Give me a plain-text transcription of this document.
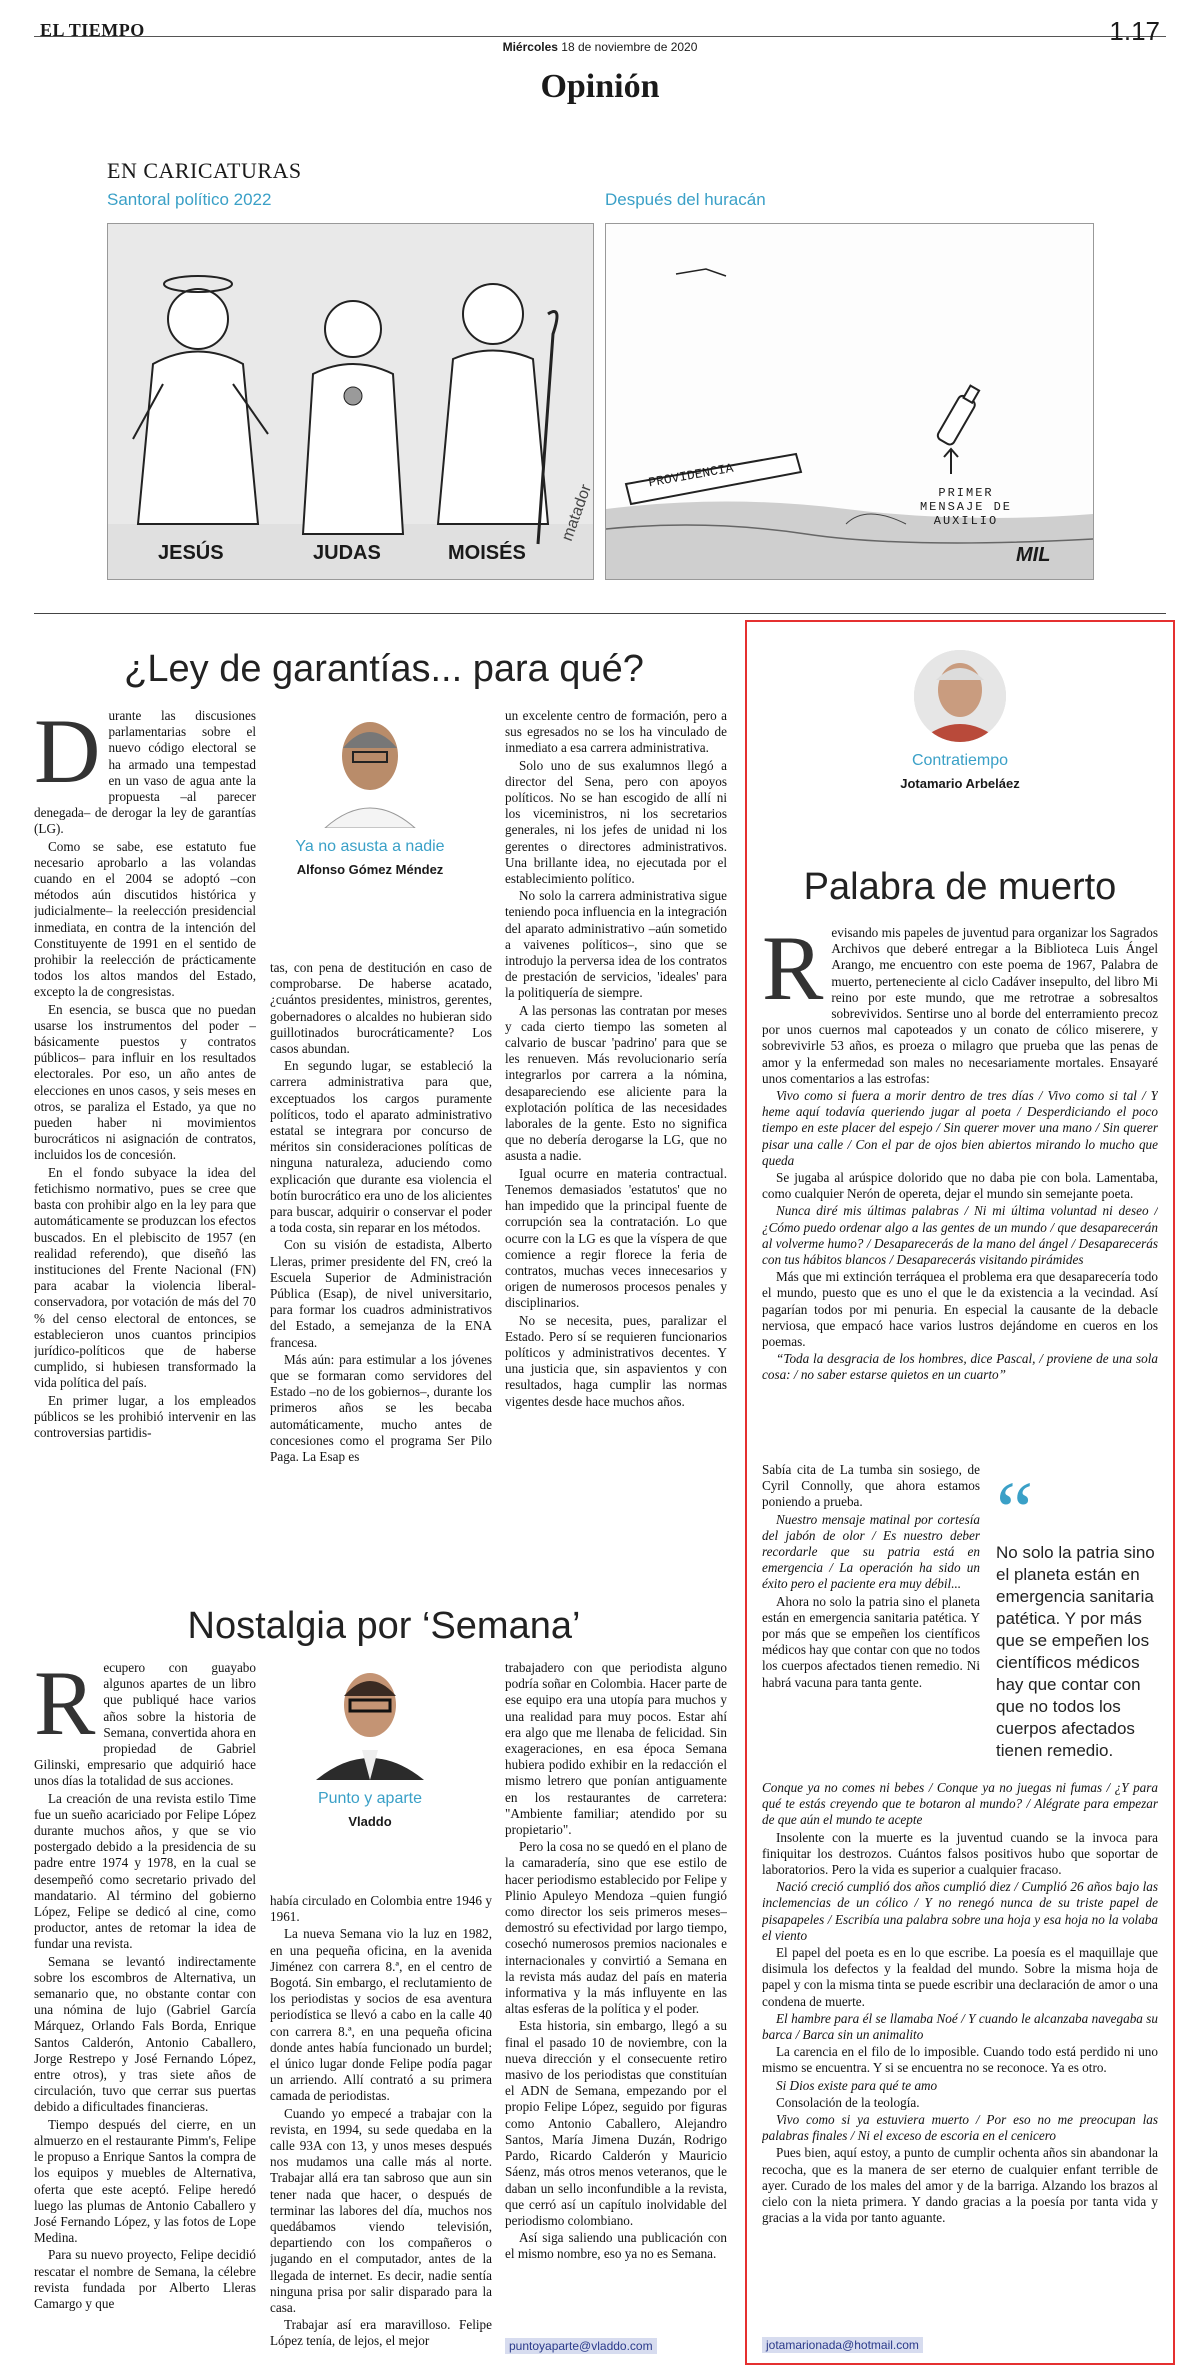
EL TIEMPO
Miércoles 18 de noviembre de 2020
1.17
Opinión
EN CARICATURAS
Santoral político 2022	Después del huracán
JESÚS	JUDAS	MOISÉS
matador
PROVIDENCIA
PRIMER MENSAJE DE AUXILIO
MIL
¿Ley de garantías... para qué?

Durante las discusiones parlamentarias sobre el nuevo código electoral se ha armado una tempestad en un vaso de agua ante la propuesta –al parecer denegada– de derogar la ley de garantías (LG).

Como se sabe, ese estatuto fue necesario aprobarlo a las volandas cuando en el 2004 se adoptó –con métodos aún discutidos histórica y judicialmente– la reelección presidencial inmediata, en contra de la intención del Constituyente de 1991 en el sentido de prohibir la reelección de prácticamente todos los altos mandos del Estado, excepto la de congresistas.

En esencia, se busca que no puedan usarse los instrumentos del poder –básicamente puestos y contratos públicos– para influir en los resultados electorales. Por eso, un año antes de elecciones en unos casos, y seis meses en otros, se paraliza el Estado, ya que no pueden haber ni movimientos burocráticos ni asignación de contratos, incluidos los de concesión.

En el fondo subyace la idea del fetichismo normativo, pues se cree que basta con prohibir algo en la ley para que automáticamente se produzcan los efectos buscados. En el plebiscito de 1957 (en realidad referendo), que diseñó las instituciones del Frente Nacional (FN) para acabar la violencia liberal-conservadora, por votación de más del 70 % del censo electoral de entonces, se establecieron unos cuantos principios jurídico-políticos que de haberse cumplido, si hubiesen transformado la vida política del país.

En primer lugar, a los empleados públicos se les prohibió intervenir en las controversias partidis-

Ya no asusta a nadie
Alfonso Gómez Méndez

tas, con pena de destitución en caso de comprobarse. De haberse acatado, ¿cuántos presidentes, ministros, gerentes, gobernadores o alcaldes no hubieran sido guillotinados burocráticamente? Los casos abundan.

En segundo lugar, se estableció la carrera administrativa para que, exceptuados los cargos puramente políticos, todo el aparato administrativo estatal se integrara por concurso de méritos sin consideraciones políticas de ninguna naturaleza, aduciendo como explicación que durante esa violencia el botín burocrático era uno de los alicientes para buscar, adquirir o conservar el poder a toda costa, sin reparar en los métodos.

Con su visión de estadista, Alberto Lleras, primer presidente del FN, creó la Escuela Superior de Administración Pública (Esap), de nivel universitario, para formar los cuadros administrativos del Estado, a semejanza de la ENA francesa.

Más aún: para estimular a los jóvenes que se formaran como servidores del Estado –no de los gobiernos–, durante los primeros años se les becaba automáticamente, mucho antes de concesiones como el programa Ser Pilo Paga. La Esap es

un excelente centro de formación, pero a sus egresados no se los ha vinculado de inmediato a esa carrera administrativa.

Solo uno de sus exalumnos llegó a director del Sena, pero con apoyos políticos. No se han escogido de allí ni los viceministros, ni los secretarios generales, ni los jefes de unidad ni los gerentes o directores administrativos. Una brillante idea, no ejecutada por el establecimiento político.

No solo la carrera administrativa sigue teniendo poca influencia en la integración del aparato administrativo –aún sometido a vaivenes políticos–, sino que se introdujo la perversa idea de los contratos de prestación de servicios, 'ideales' para la politiquería de siempre.

A las personas las contratan por meses y cada cierto tiempo las someten al calvario de buscar 'padrino' para que se les renueven. Más revolucionario sería integrarlos por carrera a la nómina, desapareciendo ese aliciente para la explotación política de las necesidades laborales de la gente. Esto no significa que no debería derogarse la LG, que no asusta a nadie.

Igual ocurre en materia contractual. Tenemos demasiados 'estatutos' que no han impedido que la principal fuente de corrupción sea la contratación. Lo que ocurre con la LG es que la víspera de que comience a regir florece la feria de contratos, muchas veces innecesarios y origen de numerosos procesos penales y disciplinarios.

No se necesita, pues, paralizar el Estado. Pero sí se requieren funcionarios políticos y administrativos decentes. Y una justicia que, sin aspavientos y con resultados, haga cumplir las normas vigentes desde hace muchos años.

Nostalgia por ‘Semana’

Recupero con guayabo algunos apartes de un libro que publiqué hace varios años sobre la historia de Semana, convertida ahora en propiedad de Gabriel Gilinski, empresario que adquirió hace unos días la totalidad de sus acciones.

La creación de una revista estilo Time fue un sueño acariciado por Felipe López durante muchos años, y que se vio postergado debido a la presidencia de su padre entre 1974 y 1978, en la cual se desempeñó como secretario privado del mandatario. Al término del gobierno López, Felipe se dedicó al cine, como productor, antes de retomar la idea de fundar una revista.

Semana se levantó indirectamente sobre los escombros de Alternativa, un semanario que, no obstante contar con una nómina de lujo (Gabriel García Márquez, Orlando Fals Borda, Enrique Santos Calderón, Antonio Caballero, Jorge Restrepo y José Fernando López, entre otros), y tras siete años de circulación, tuvo que cerrar sus puertas debido a dificultades financieras.

Tiempo después del cierre, en un almuerzo en el restaurante Pimm's, Felipe le propuso a Enrique Santos la compra de los equipos y muebles de Alternativa, oferta que este aceptó. Felipe heredó luego las plumas de Antonio Caballero y José Fernando López, y las fotos de Lope Medina.

Para su nuevo proyecto, Felipe decidió rescatar el nombre de Semana, la célebre revista fundada por Alberto Lleras Camargo y que

Punto y aparte
Vladdo

había circulado en Colombia entre 1946 y 1961.

La nueva Semana vio la luz en 1982, en una pequeña oficina, en la avenida Jiménez con carrera 8.ª, en el centro de Bogotá. Sin embargo, el reclutamiento de los periodistas y socios de esa aventura periodística se llevó a cabo en la calle 40 con carrera 8.ª, en una pequeña oficina donde antes había funcionado un burdel; el único lugar donde Felipe podía pagar un arriendo. Allí contrató a su primera camada de periodistas.

Cuando yo empecé a trabajar con la revista, en 1994, su sede quedaba en la calle 93A con 13, y unos meses después nos mudamos una calle más al norte. Trabajar allá era tan sabroso que aun sin tener nada que hacer, o después de terminar las labores del día, muchos nos quedábamos viendo televisión, departiendo con los compañeros o jugando en el computador, antes de la llegada de internet. Es decir, nadie sentía ninguna prisa por salir disparado para la casa.

Trabajar así era maravilloso. Felipe López tenía, de lejos, el mejor

trabajadero con que periodista alguno podría soñar en Colombia. Hacer parte de ese equipo era una utopía para muchos y una realidad para muy pocos. Estar ahí era algo que me llenaba de felicidad. Sin exageraciones, en esa época Semana hubiera podido exhibir en la redacción el mismo letrero que ponían antiguamente en los restaurantes de carretera: "Ambiente familiar; atendido por su propietario".

Pero la cosa no se quedó en el plano de la camaradería, sino que ese estilo de hacer periodismo establecido por Felipe y Plinio Apuleyo Mendoza –quien fungió como director los seis primeros meses– demostró su efectividad por largo tiempo, cosechó numerosos premios nacionales e internacionales y convirtió a Semana en la revista más audaz del país en materia informativa y la más influyente en las altas esferas de la política y el poder.

Esta historia, sin embargo, llegó a su final el pasado 10 de noviembre, con la nueva dirección y el consecuente retiro masivo de los periodistas que constituían el ADN de Semana, empezando por el propio Felipe López, seguido por figuras como Antonio Caballero, Alejandro Santos, María Jimena Duzán, Rodrigo Pardo, Ricardo Calderón y Mauricio Sáenz, más otros menos veteranos, que le daban un sello inconfundible a la revista, que cerró así un capítulo inolvidable del periodismo colombiano.

Así siga saliendo una publicación con el mismo nombre, eso ya no es Semana.

puntoyaparte@vladdo.com
Contratiempo
Jotamario Arbeláez
Palabra de muerto

Revisando mis papeles de juventud para organizar los Sagrados Archivos que deberé entregar a la Biblioteca Luis Ángel Arango, me encuentro con este poema de 1967, Palabra de muerto, perteneciente al ciclo Cadáver insepulto, del libro Mi reino por este mundo, que me retrotrae a sobresaltos sobrevividos. Sentirse uno al borde del enterramiento precoz por unos cuernos mal capoteados y un conato de cólico miserere, y sobrevivirle 53 años, es proeza o milagro que prueba que las penas de amor y la enfermedad son males no necesariamente mortales. Ensayaré unos comentarios a las estrofas:

Vivo como si fuera a morir dentro de tres días / Vivo como si tal / Y heme aquí todavía queriendo jugar al poeta / Desperdiciando el poco tiempo en este placer del espejo / Sin querer mover una mano / Sin querer pisar una calle / Con el par de ojos bien abiertos mirando lo mucho que queda

Se jugaba al arúspice dolorido que no daba pie con bola. Lamentaba, como cualquier Nerón de opereta, dejar el mundo sin semejante poeta.

Nunca diré mis últimas palabras / Ni mi última voluntad ni deseo / ¿Cómo puedo ordenar algo a las gentes de un mundo / que desaparecerán al volverme humo? / Desaparecerás de la mano del ángel / Desaparecerás con tus hábitos blancos / Desaparecerás visitando pirámides

Más que mi extinción terráquea el problema era que desaparecería todo el mundo, puesto que es uno el que le da existencia a la vecindad. Así pagarían todos por mi penuria. En especial la causante de la debacle nerviosa, que empacó hace varios lustros dejándome en cueros en los poemas.

“Toda la desgracia de los hombres, dice Pascal, / proviene de una sola cosa: / no saber estarse quietos en un cuarto”

Sabía cita de La tumba sin sosiego, de Cyril Connolly, que ahora estamos poniendo a prueba.

Nuestro mensaje matinal por cortesía del jabón de olor / Es nuestro deber recordarle que su patria está en emergencia / La operación ha sido un éxito pero el paciente era muy débil...

Ahora no solo la patria sino el planeta están en emergencia sanitaria patética. Y por más que se empeñen los científicos médicos hay que contar con que no todos los cuerpos afectados tienen remedio. Ni habrá vacuna para tanta gente.

“
No solo la patria sino el planeta están en emergencia sanitaria patética. Y por más que se empeñen los científicos médicos hay que contar con que no todos los cuerpos afectados tienen remedio.

Conque ya no comes ni bebes / Conque ya no juegas ni fumas / ¿Y para qué te estás creyendo que te botaron al mundo? / Alégrate para empezar de que aún el mundo te acepte

Insolente con la muerte es la juventud cuando se la invoca para finiquitar los destrozos. Cuántos falsos positivos hubo que soportar de laboratorios. Pero la vida es superior a cualquier fracaso.

Nació creció cumplió dos años cumplió diez / Cumplió 26 años bajo las inclemencias de un cólico / Y no renegó nunca de su triste papel de pisapapeles / Escribía una palabra sobre una hoja y esa hoja no la volaba el viento

El papel del poeta es en lo que escribe. La poesía es el maquillaje que disimula los defectos y la fealdad del mundo. Sobre la misma hoja de papel y con la misma tinta se puede escribir una declaración de amor o una condena de muerte.

El hambre para él se llamaba Noé / Y cuando le alcanzaba navegaba su barca / Barca sin un animalito

La carencia en el filo de lo imposible. Cuando todo está perdido ni uno mismo se encuentra. Y si se encuentra no se reconoce. Ya es otro.

Si Dios existe para qué te amo

Consolación de la teología.

Vivo como si ya estuviera muerto / Por eso no me preocupan las palabras finales / Ni el exceso de escoria en el cenicero

Pues bien, aquí estoy, a punto de cumplir ochenta años sin abandonar la recocha, que es la manera de ser eterno de cualquier enfant terrible de ayer. Curado de los males del amor y de la barriga. Alzando los brazos al cielo con la nieta primera. Y dando gracias a la poesía por tanta vida y gracias a la vida por tanto aguante.

jotamarionada@hotmail.com
